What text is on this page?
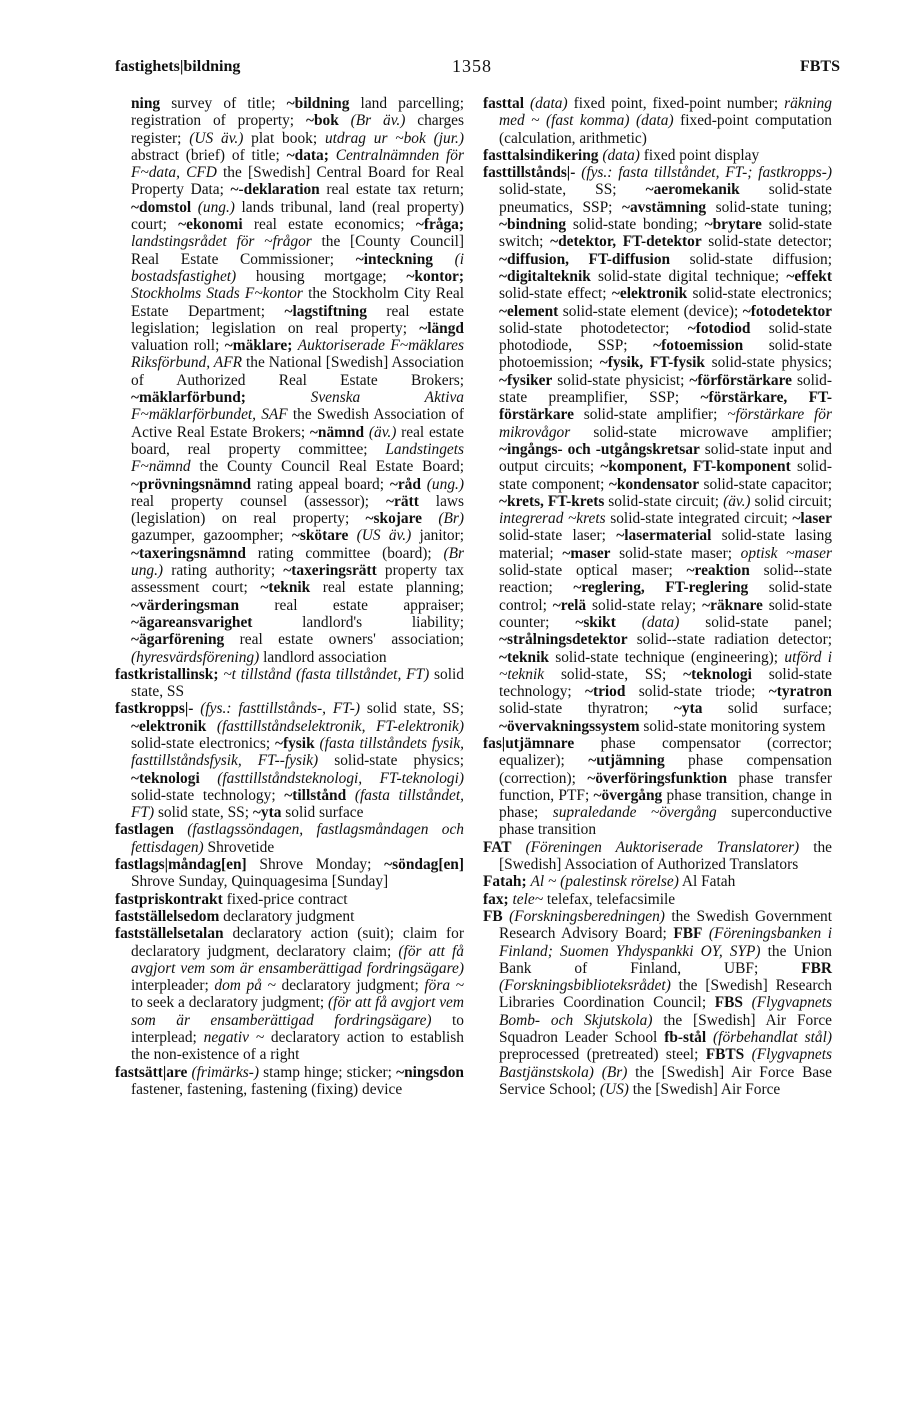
fastighets|bildning	1358	FBTS

ning survey of title; ~bildning land parcelling; registration of property; ~bok (Br äv.) charges register; (US äv.) plat book; utdrag ur ~bok (jur.) abstract (brief) of title; ~data; Centralnämnden för F~data, CFD the [Swedish] Central Board for Real Property Data; ~-deklaration real estate tax return; ~domstol (ung.) lands tribunal, land (real property) court; ~ekonomi real estate economics; ~fråga; landstingsrådet för ~frågor the [County Council] Real Estate Commissioner; ~inteckning (i bostadsfastighet) housing mortgage; ~kontor; Stockholms Stads F~kontor the Stockholm City Real Estate Department; ~lagstiftning real estate legislation; legislation on real property; ~längd valuation roll; ~mäklare; Auktoriserade F~mäklares Riksförbund, AFR the National [Swedish] Association of Authorized Real Estate Brokers; ~mäklarförbund;	Svenska Aktiva F~mäklarförbundet, SAF the Swedish Association of Active Real Estate Brokers; ~nämnd (äv.) real estate board, real property committee; Landstingets F~nämnd the County Council Real Estate Board; ~prövningsnämnd rating appeal board; ~råd (ung.) real property counsel (assessor); ~rätt laws (legislation) on real property; ~skojare (Br) gazumper, gazoompher; ~skötare (US äv.) janitor; ~taxeringsnämnd rating committee (board); (Br ung.) rating authority; ~taxeringsrätt property tax assessment court; ~teknik real estate planning; ~värderingsman real estate appraiser; ~ägareansvarighet landlord's liability; ~ägarförening real estate owners' association; (hyresvärdsförening) landlord association

fastkristallinsk; ~t tillstånd (fasta tillståndet, FT) solid state, SS

fastkropps|- (fys.: fasttillstånds-, FT-) solid state, SS; ~elektronik (fasttillståndselektronik, FT-elektronik) solid-state electronics; ~fysik (fasta tillståndets fysik, fasttillståndsfysik, FT--fysik) solid-state physics; ~teknologi (fasttillståndsteknologi, FT-teknologi) solid-state technology; ~tillstånd (fasta tillståndet, FT) solid state, SS; ~yta solid surface

fastlagen (fastlagssöndagen, fastlagsmåndagen och fettisdagen) Shrovetide

fastlags|måndag[en] Shrove Monday; ~söndag[en] Shrove Sunday, Quinquagesima [Sunday]

fastpriskontrakt fixed-price contract

fastställelsedom declaratory judgment

fastställelsetalan declaratory action (suit); claim for declaratory judgment, declaratory claim; (för att få avgjort vem som är ensamberättigad fordringsägare) interpleader; dom på ~ declaratory judgment; föra ~ to seek a declaratory judgment; (för att få avgjort vem som är ensamberättigad fordringsägare) to interplead; negativ ~ declaratory action to establish the non-existence of a right

fastsätt|are (frimärks-) stamp hinge; sticker; ~ningsdon fastener, fastening, fastening (fixing) device

fasttal (data) fixed point, fixed-point number; räkning med ~ (fast komma) (data) fixed-point computation (calculation, arithmetic)

fasttalsindikering (data) fixed point display

fasttillstånds|- (fys.: fasta tillståndet, FT-; fastkropps-) solid-state, SS; ~aeromekanik solid-state pneumatics, SSP; ~avstämning solid-state tuning; ~bindning solid-state bonding; ~brytare solid-state switch; ~detektor, FT-detektor solid-state detector; ~diffusion, FT-diffusion solid-state diffusion; ~digitalteknik solid-state digital technique; ~effekt solid-state effect; ~elektronik solid-state electronics; ~element solid-state element (device); ~fotodetektor solid-state photodetector; ~fotodiod solid-state photodiode, SSP; ~fotoemission solid-state photoemission; ~fysik, FT-fysik solid-state physics; ~fysiker solid-state physicist; ~förförstärkare solid-state preamplifier, SSP; ~förstärkare, FT-förstärkare solid-state amplifier; ~förstärkare för mikrovågor solid-state microwave amplifier; ~ingångs- och -utgångskretsar solid-state input and output circuits; ~komponent, FT-komponent solid-state component; ~kondensator solid-state capacitor; ~krets, FT-krets solid-state circuit; (äv.) solid circuit; integrerad ~krets solid-state integrated circuit; ~laser solid-state laser; ~lasermaterial solid-state lasing material; ~maser solid-state maser; optisk ~maser solid-state optical maser; ~reaktion solid--state reaction; ~reglering, FT-reglering solid-state control; ~relä solid-state relay; ~räknare solid-state counter; ~skikt (data) solid-state panel; ~strålningsdetektor solid--state radiation detector; ~teknik solid-state technique (engineering); utförd i ~teknik solid-state, SS; ~teknologi solid-state technology; ~triod solid-state triode; ~tyratron solid-state thyratron; ~yta solid surface; ~övervakningssystem solid-state monitoring system

fas|utjämnare phase compensator (corrector; equalizer); ~utjämning phase compensation (correction); ~överföringsfunktion phase transfer function, PTF; ~övergång phase transition, change in phase; supraledande ~övergång superconductive phase transition

FAT (Föreningen Auktoriserade Translatorer) the [Swedish] Association of Authorized Translators

Fatah; Al ~ (palestinsk rörelse) Al Fatah

fax; tele~ telefax, telefacsimile

FB (Forskningsberedningen) the Swedish Government Research Advisory Board; FBF (Föreningsbanken i Finland; Suomen Yhdyspankki OY, SYP) the Union Bank of Finland, UBF; FBR (Forskningsbiblioteksrådet) the [Swedish] Research Libraries Coordination Council; FBS (Flygvapnets Bomb- och Skjutskola) the [Swedish] Air Force Squadron Leader School fb-stål (förbehandlat stål) preprocessed (pretreated) steel; FBTS (Flygvapnets Bastjänstskola) (Br) the [Swedish] Air Force Base Service School; (US) the [Swedish] Air Force
